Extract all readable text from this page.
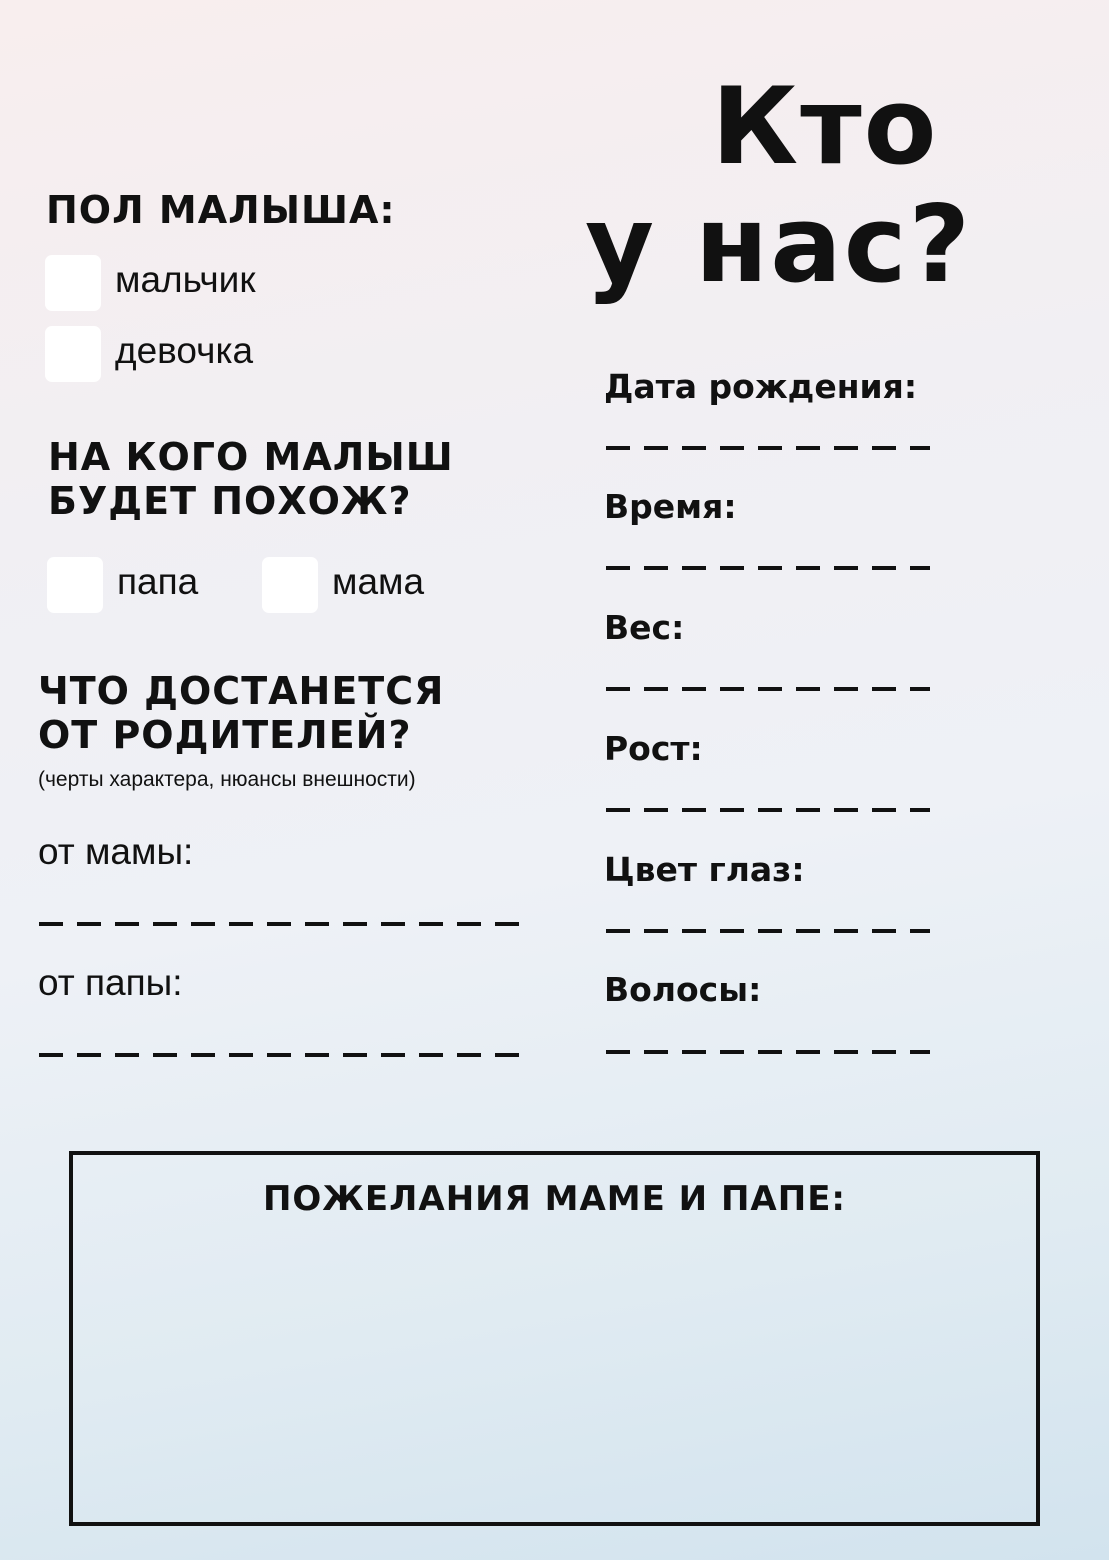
Кто
у нас?
ПОЛ МАЛЫША:
мальчик
девочка
НА КОГО МАЛЫШ
БУДЕТ ПОХОЖ?
папа	мама
ЧТО ДОСТАНЕТСЯ
ОТ РОДИТЕЛЕЙ?
(черты характера, нюансы внешности)
от мамы:
от папы:
Дата рождения:
Время:
Вес:
Рост:
Цвет глаз:
Волосы:
ПОЖЕЛАНИЯ МАМЕ И ПАПЕ:
